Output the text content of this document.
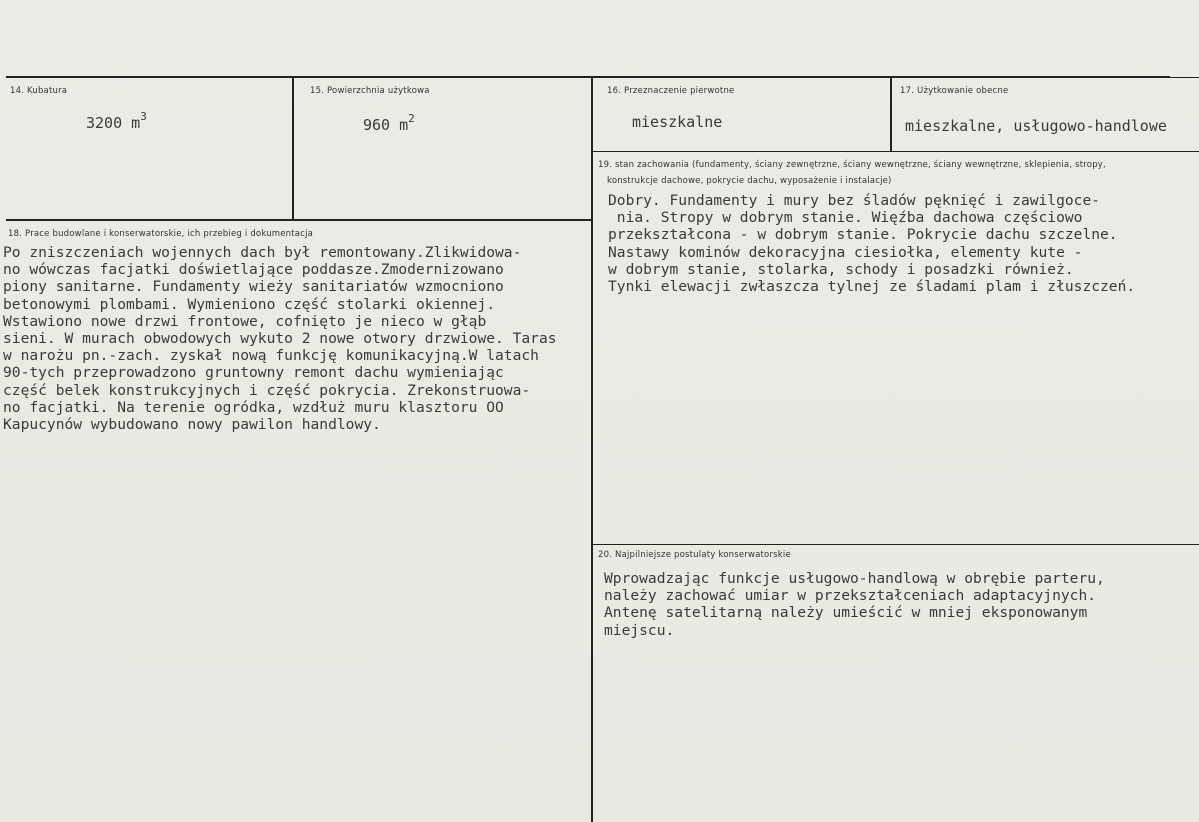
14. Kubatura
3200 $m^3$
15. Powierzchnia użytkowa
960 $m^2$
16. Przeznaczenie pierwotne
mieszkalne
17. Użytkowanie obecne
mieszkalne, usługowo-handlowe
19. stan zachowania (fundamenty, ściany zewnętrzne, ściany wewnętrzne, ściany wewnętrzne, sklepienia, stropy,
konstrukcje dachowe, pokrycie dachu, wyposażenie i instalacje)
Dobry. Fundamenty i mury bez śladów pęknięć i zawilgoce-
nia. Stropy w dobrym stanie. Więźba dachowa częściowo
przekształcona - w dobrym stanie. Pokrycie dachu szczelne.
Nastawy kominów dekoracyjna ciesiołka, elementy kute -
w dobrym stanie, stolarka, schody i posadzki również.
Tynki elewacji zwłaszcza tylnej ze śladami plam i złuszczeń.
18. Prace budowlane i konserwatorskie, ich przebieg i dokumentacja
Po zniszczeniach wojennych dach był remontowany.Zlikwidowa-
no wówczas facjatki doświetlające poddasze.Zmodernizowano
piony sanitarne. Fundamenty wieży sanitariatów wzmocniono
betonowymi plombami. Wymieniono część stolarki okiennej.
Wstawiono nowe drzwi frontowe, cofnięto je nieco w głąb
sieni. W murach obwodowych wykuto 2 nowe otwory drzwiowe. Taras
w narożu pn.-zach. zyskał nową funkcję komunikacyjną.W latach
90-tych przeprowadzono gruntowny remont dachu wymieniając
część belek konstrukcyjnych i część pokrycia. Zrekonstruowa-
no facjatki. Na terenie ogródka, wzdłuż muru klasztoru OO
Kapucynów wybudowano nowy pawilon handlowy.
20. Najpilniejsze postulaty konserwatorskie
Wprowadzając funkcje usługowo-handlową w obrębie parteru,
należy zachować umiar w przekształceniach adaptacyjnych.
Antenę satelitarną należy umieścić w mniej eksponowanym
miejscu.
